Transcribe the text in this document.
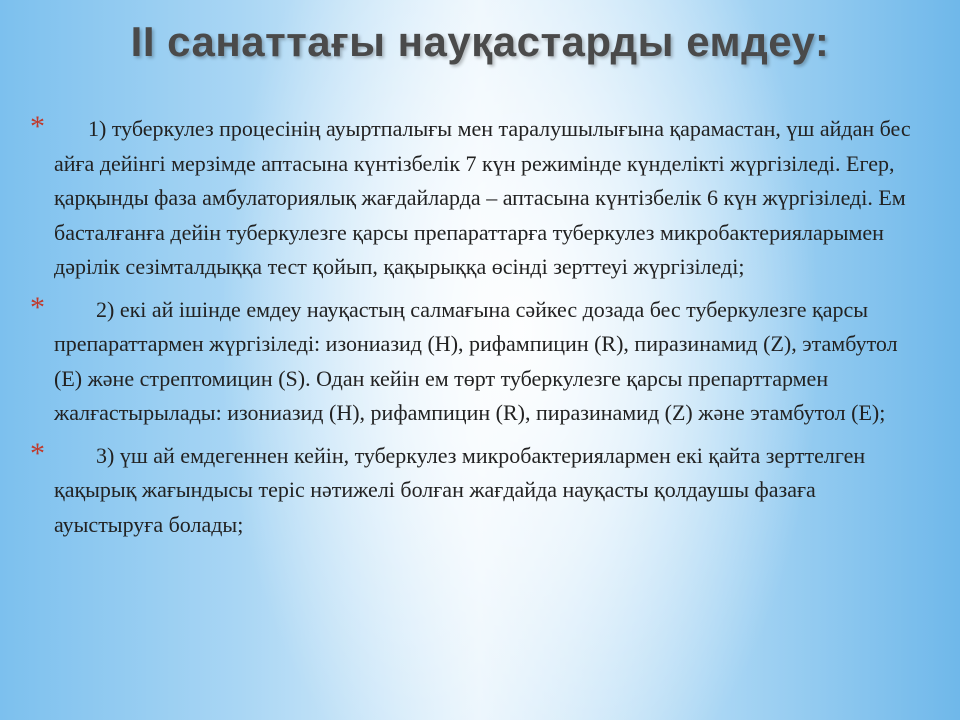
II санаттағы науқастарды емдеу:
*	1) туберкулез процесінің ауыртпалығы мен таралушылығына қарамастан, үш айдан бес айға дейінгі мерзімде аптасына күнтізбелік 7 күн режимінде күнделікті жүргізіледі. Егер, қарқынды фаза амбулаториялық жағдайларда – аптасына күнтізбелік 6 күн жүргізіледі. Ем басталғанға дейін туберкулезге қарсы препараттарға туберкулез микробактерияларымен дәрілік сезімталдыққа тест қойып, қақырыққа өсінді зерттеуі жүргізіледі;
*	2) екі ай ішінде емдеу науқастың салмағына сәйкес дозада бес туберкулезге қарсы препараттармен жүргізіледі: изониазид (H), рифампицин (R), пиразинамид (Z), этамбутол (E) және стрептомицин (S). Одан кейін ем төрт туберкулезге қарсы препарттармен жалғастырылады: изониазид (H), рифампицин (R), пиразинамид (Z) және этамбутол (E);
*	3) үш ай емдегеннен кейін, туберкулез микробактериялармен екі қайта зерттелген қақырық жағындысы теріс нәтижелі болған жағдайда науқасты қолдаушы фазаға ауыстыруға болады;
